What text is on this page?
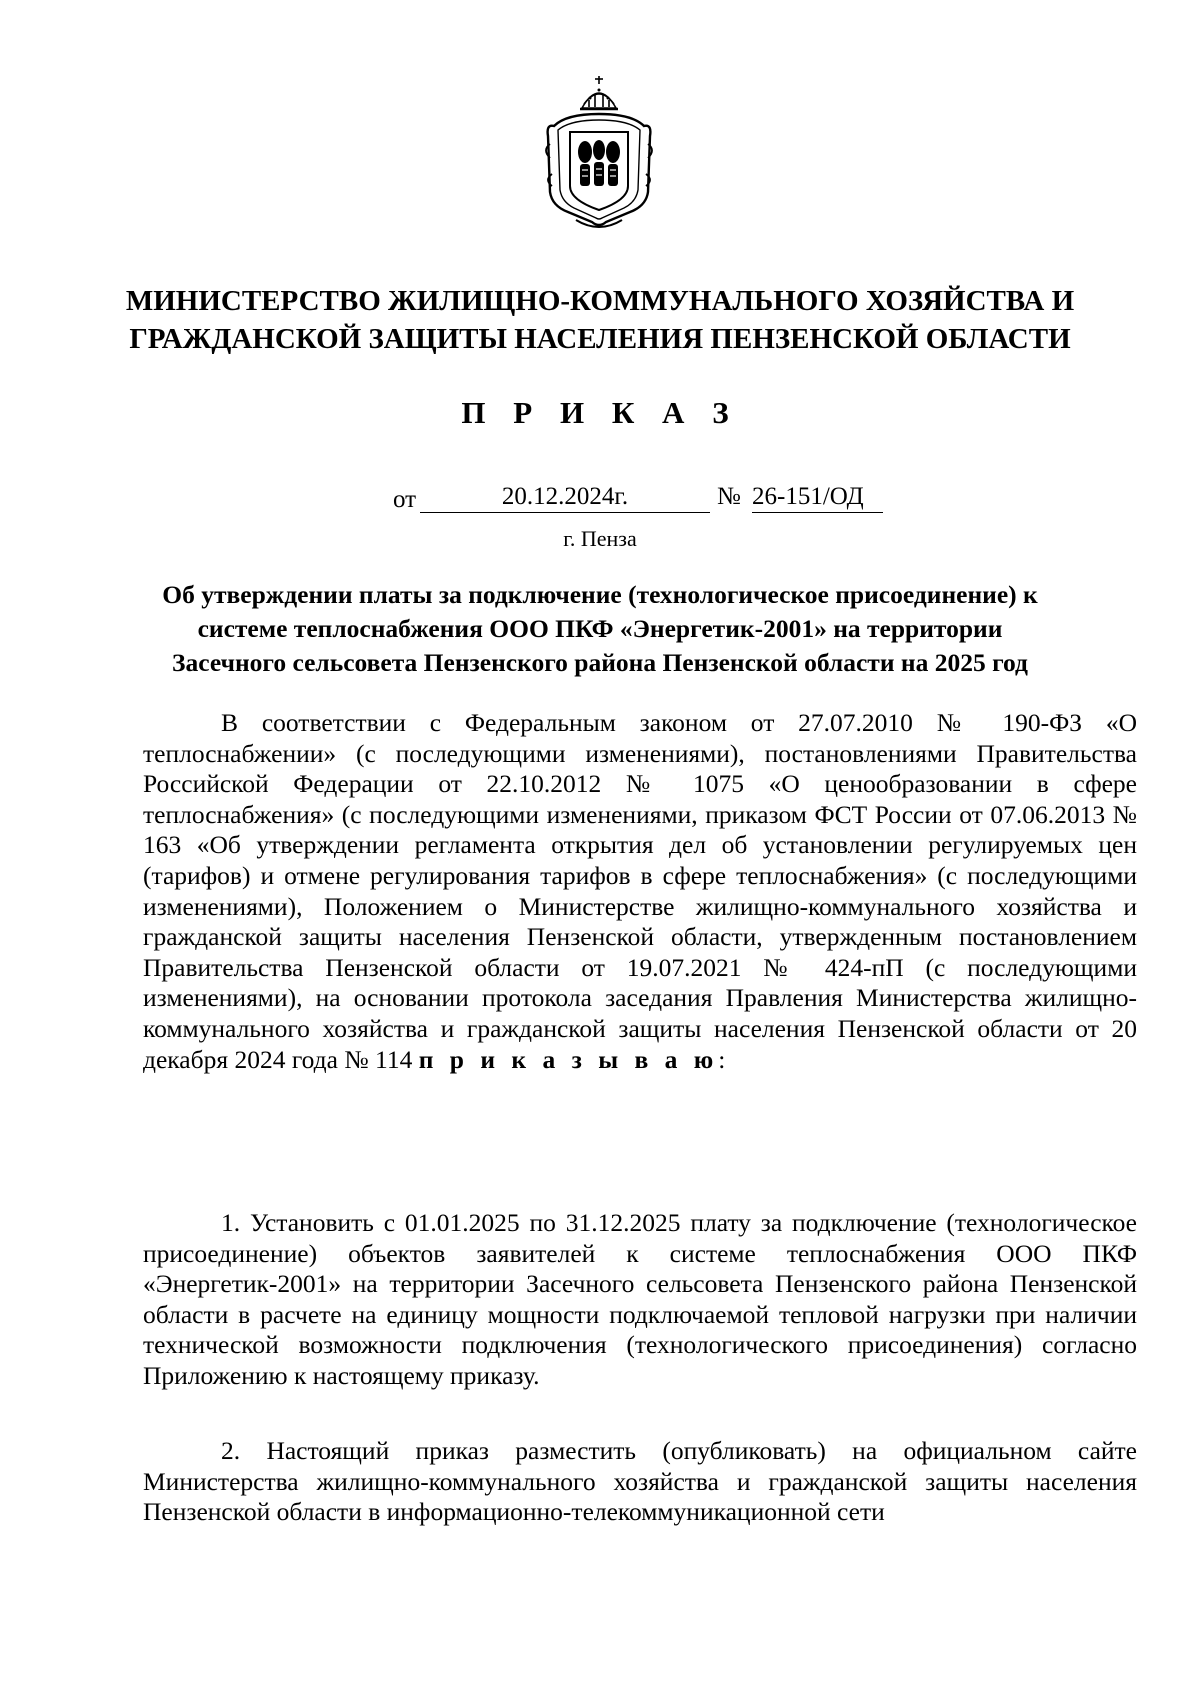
МИНИСТЕРСТВО ЖИЛИЩНО-КОММУНАЛЬНОГО ХОЗЯЙСТВА И
ГРАЖДАНСКОЙ ЗАЩИТЫ НАСЕЛЕНИЯ ПЕНЗЕНСКОЙ ОБЛАСТИ
П Р И К А З
от	20.12.2024г.	№ 26-151/ОД
г. Пенза
Об утверждении платы за подключение (технологическое присоединение) к
системе теплоснабжения ООО ПКФ «Энергетик-2001» на территории
Засечного сельсовета Пензенского района Пензенской области на 2025 год
В соответствии с Федеральным законом от 27.07.2010 № 190-ФЗ «О теплоснабжении» (с последующими изменениями), постановлениями Правительства Российской Федерации от 22.10.2012 № 1075 «О ценообразовании в сфере теплоснабжения» (с последующими изменениями, приказом ФСТ России от 07.06.2013 № 163 «Об утверждении регламента открытия дел об установлении регулируемых цен (тарифов) и отмене регулирования тарифов в сфере теплоснабжения» (с последующими изменениями), Положением о Министерстве жилищно-коммунального хозяйства и гражданской защиты населения Пензенской области, утвержденным постановлением Правительства Пензенской области от 19.07.2021 № 424-пП (с последующими изменениями), на основании протокола заседания Правления Министерства жилищно-коммунального хозяйства и гражданской защиты населения Пензенской области от 20 декабря 2024 года № 114 п р и к а з ы в а ю:
1. Установить с 01.01.2025 по 31.12.2025 плату за подключение (технологическое присоединение) объектов заявителей к системе теплоснабжения ООО ПКФ «Энергетик-2001» на территории Засечного сельсовета Пензенского района Пензенской области в расчете на единицу мощности подключаемой тепловой нагрузки при наличии технической возможности подключения (технологического присоединения) согласно Приложению к настоящему приказу.
2. Настоящий приказ разместить (опубликовать) на официальном сайте Министерства жилищно-коммунального хозяйства и гражданской защиты населения Пензенской области в информационно-телекоммуникационной сети
